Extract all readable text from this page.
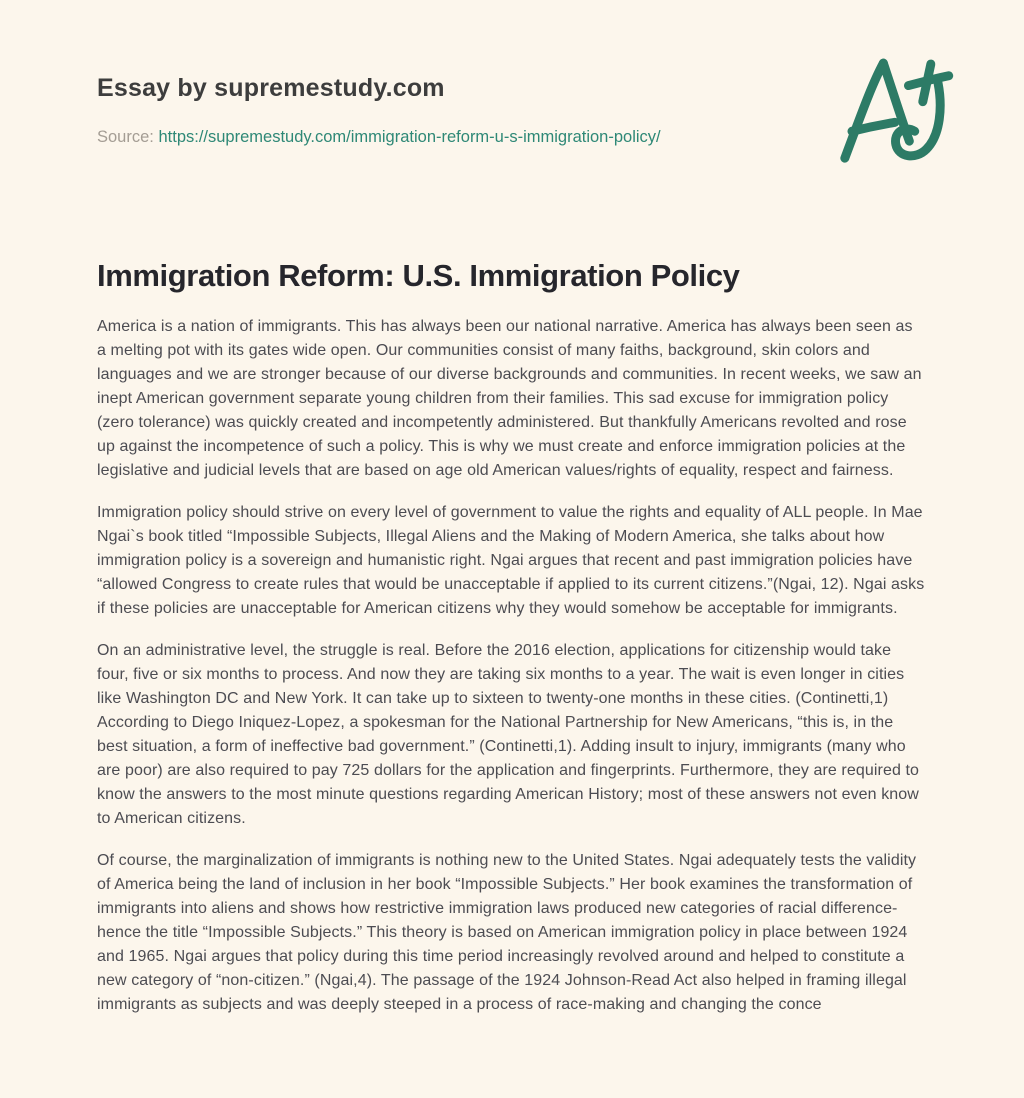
Essay by supremestudy.com
Source: https://supremestudy.com/immigration-reform-u-s-immigration-policy/
Immigration Reform: U.S. Immigration Policy

America is a nation of immigrants. This has always been our national narrative. America has always been seen as a melting pot with its gates wide open. Our communities consist of many faiths, background, skin colors and languages and we are stronger because of our diverse backgrounds and communities. In recent weeks, we saw an inept American government separate young children from their families. This sad excuse for immigration policy (zero tolerance) was quickly created and incompetently administered. But thankfully Americans revolted and rose up against the incompetence of such a policy. This is why we must create and enforce immigration policies at the legislative and judicial levels that are based on age old American values/rights of equality, respect and fairness.

Immigration policy should strive on every level of government to value the rights and equality of ALL people. In Mae Ngai`s book titled “Impossible Subjects, Illegal Aliens and the Making of Modern America, she talks about how immigration policy is a sovereign and humanistic right. Ngai argues that recent and past immigration policies have “allowed Congress to create rules that would be unacceptable if applied to its current citizens.”(Ngai, 12). Ngai asks if these policies are unacceptable for American citizens why they would somehow be acceptable for immigrants.

On an administrative level, the struggle is real. Before the 2016 election, applications for citizenship would take four, five or six months to process. And now they are taking six months to a year. The wait is even longer in cities like Washington DC and New York. It can take up to sixteen to twenty-one months in these cities. (Continetti,1) According to Diego Iniquez-Lopez, a spokesman for the National Partnership for New Americans, “this is, in the best situation, a form of ineffective bad government.” (Continetti,1). Adding insult to injury, immigrants (many who are poor) are also required to pay 725 dollars for the application and fingerprints. Furthermore, they are required to know the answers to the most minute questions regarding American History; most of these answers not even know to American citizens.

Of course, the marginalization of immigrants is nothing new to the United States. Ngai adequately tests the validity of America being the land of inclusion in her book “Impossible Subjects.” Her book examines the transformation of immigrants into aliens and shows how restrictive immigration laws produced new categories of racial difference- hence the title “Impossible Subjects.” This theory is based on American immigration policy in place between 1924 and 1965. Ngai argues that policy during this time period increasingly revolved around and helped to constitute a new category of “non-citizen.” (Ngai,4). The passage of the 1924 Johnson-Read Act also helped in framing illegal immigrants as subjects and was deeply steeped in a process of race-making and changing the conce
